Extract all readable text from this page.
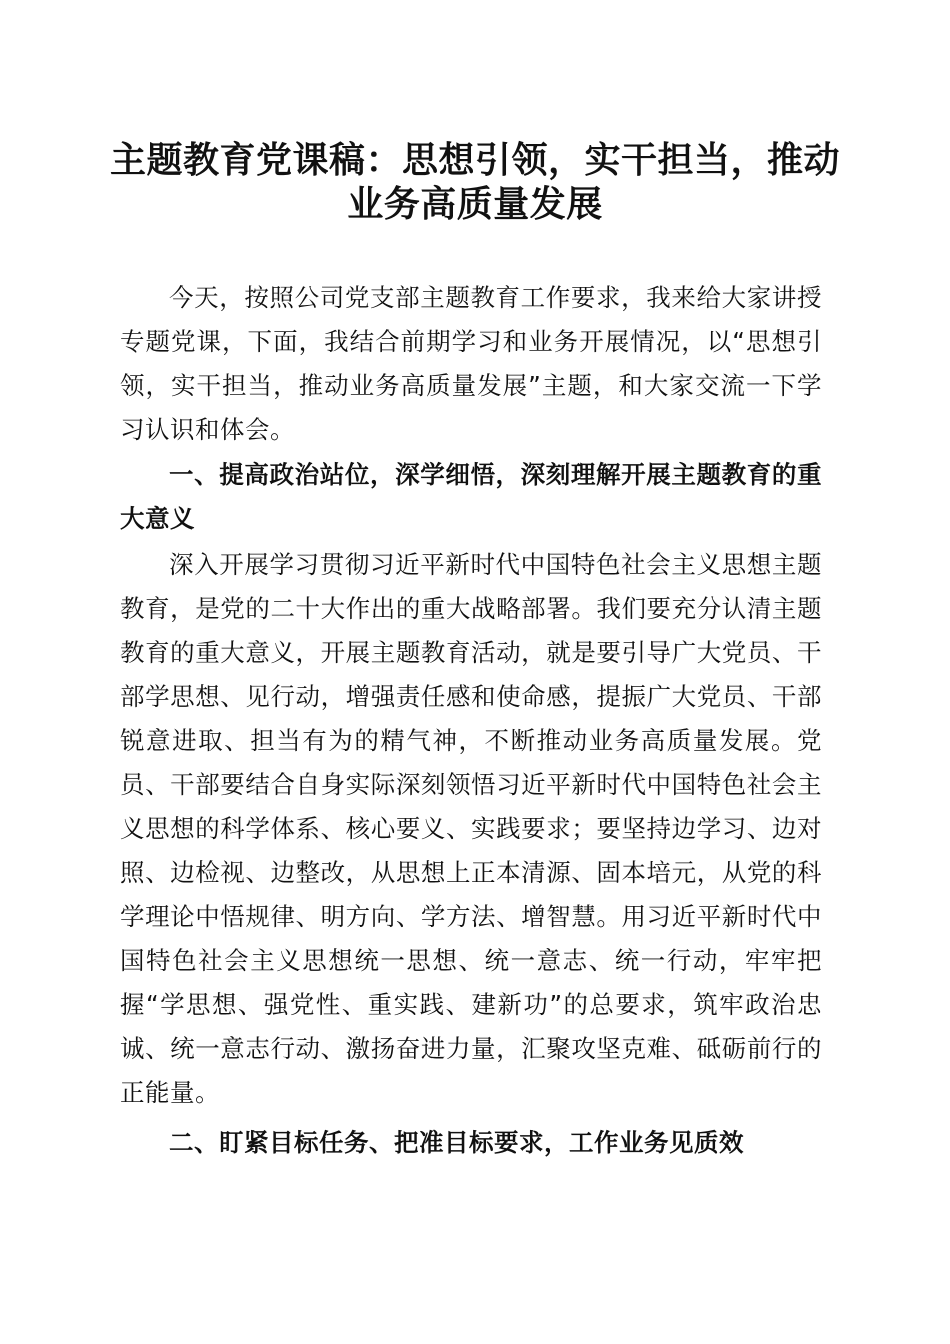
主题教育党课稿：思想引领，实干担当，推动
业务高质量发展

今天，按照公司党支部主题教育工作要求，我来给大家讲授专题党课，下面，我结合前期学习和业务开展情况，以“思想引领，实干担当，推动业务高质量发展”主题，和大家交流一下学习认识和体会。

一、提高政治站位，深学细悟，深刻理解开展主题教育的重大意义

深入开展学习贯彻习近平新时代中国特色社会主义思想主题教育，是党的二十大作出的重大战略部署。我们要充分认清主题教育的重大意义，开展主题教育活动，就是要引导广大党员、干部学思想、见行动，增强责任感和使命感，提振广大党员、干部锐意进取、担当有为的精气神，不断推动业务高质量发展。党员、干部要结合自身实际深刻领悟习近平新时代中国特色社会主义思想的科学体系、核心要义、实践要求；要坚持边学习、边对照、边检视、边整改，从思想上正本清源、固本培元，从党的科学理论中悟规律、明方向、学方法、增智慧。用习近平新时代中国特色社会主义思想统一思想、统一意志、统一行动，牢牢把握“学思想、强党性、重实践、建新功”的总要求，筑牢政治忠诚、统一意志行动、激扬奋进力量，汇聚攻坚克难、砥砺前行的正能量。

二、盯紧目标任务、把准目标要求，工作业务见质效
